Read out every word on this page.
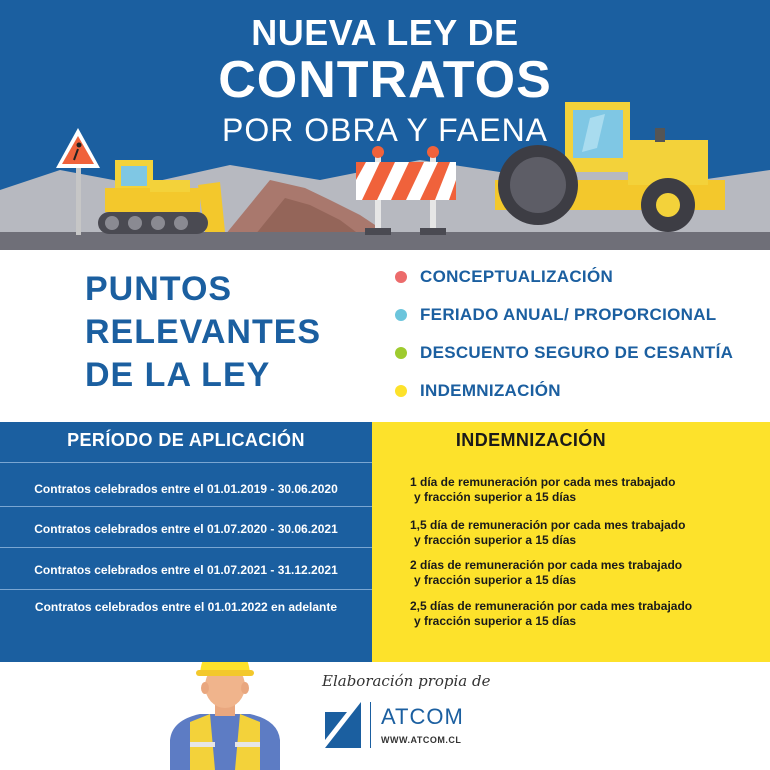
NUEVA LEY DE
CONTRATOS
POR OBRA Y FAENA
PUNTOS
RELEVANTES
DE LA LEY
CONCEPTUALIZACIÓN
FERIADO ANUAL/ PROPORCIONAL
DESCUENTO SEGURO DE CESANTÍA
INDEMNIZACIÓN
PERÍODO DE APLICACIÓN	INDEMNIZACIÓN
Contratos celebrados entre el 01.01.2019 - 30.06.2020	1 día de remuneración por cada mes trabajado
y fracción superior a 15 días
Contratos celebrados entre el 01.07.2020 - 30.06.2021	1,5 día de remuneración por cada mes trabajado
y fracción superior a 15 días
Contratos celebrados entre el 01.07.2021 - 31.12.2021	2 días de remuneración por cada mes trabajado
y fracción superior a 15 días
Contratos celebrados entre el 01.01.2022 en adelante	2,5 días de remuneración por cada mes trabajado
y fracción superior a 15 días
Elaboración propia de
ATCOM
WWW.ATCOM.CL
